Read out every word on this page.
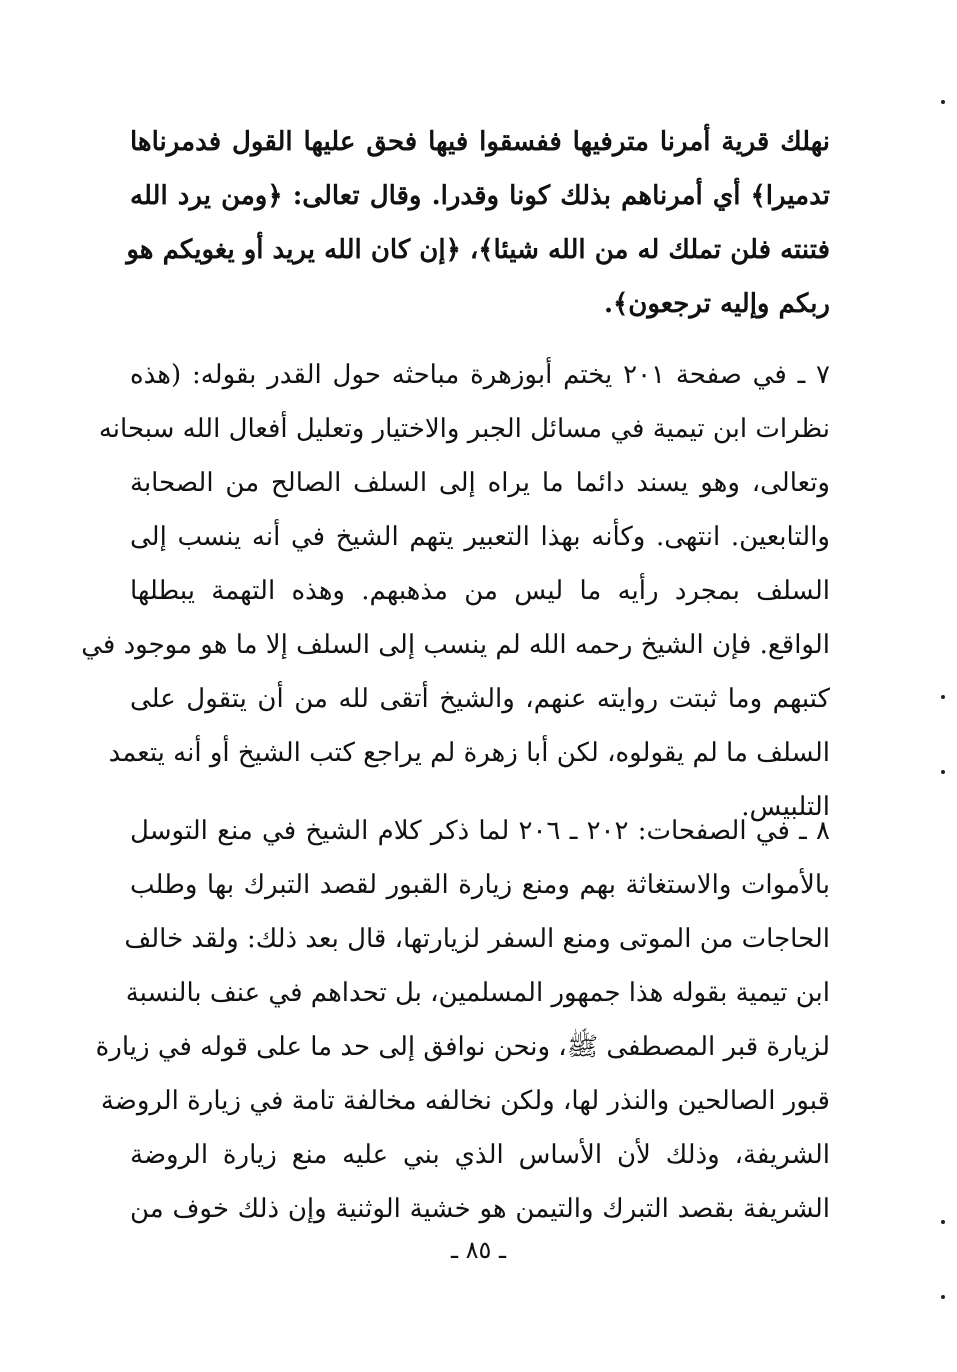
نهلك قرية أمرنا مترفيها ففسقوا فيها فحق عليها القول فدمرناها
تدميرا﴾ أي أمرناهم بذلك كونا وقدرا. وقال تعالى: ﴿ومن يرد الله
فتنته فلن تملك له من الله شيئا﴾، ﴿إن كان الله يريد أو يغويكم هو
ربكم وإليه ترجعون﴾.
٧ ـ في صفحة ٢٠١ يختم أبوزهرة مباحثه حول القدر بقوله: (هذه
نظرات ابن تيمية في مسائل الجبر والاختيار وتعليل أفعال الله سبحانه
وتعالى، وهو يسند دائما ما يراه إلى السلف الصالح من الصحابة
والتابعين. انتهى. وكأنه بهذا التعبير يتهم الشيخ في أنه ينسب إلى
السلف بمجرد رأيه ما ليس من مذهبهم. وهذه التهمة يبطلها
الواقع. فإن الشيخ رحمه الله لم ينسب إلى السلف إلا ما هو موجود في
كتبهم وما ثبتت روايته عنهم، والشيخ أتقى لله من أن يتقول على
السلف ما لم يقولوه، لكن أبا زهرة لم يراجع كتب الشيخ أو أنه يتعمد
التلبيس.
٨ ـ في الصفحات: ٢٠٢ ـ ٢٠٦ لما ذكر كلام الشيخ في منع التوسل
بالأموات والاستغاثة بهم ومنع زيارة القبور لقصد التبرك بها وطلب
الحاجات من الموتى ومنع السفر لزيارتها، قال بعد ذلك: ولقد خالف
ابن تيمية بقوله هذا جمهور المسلمين، بل تحداهم في عنف بالنسبة
لزيارة قبر المصطفى ﷺ، ونحن نوافق إلى حد ما على قوله في زيارة
قبور الصالحين والنذر لها، ولكن نخالفه مخالفة تامة في زيارة الروضة
الشريفة، وذلك لأن الأساس الذي بني عليه منع زيارة الروضة
الشريفة بقصد التبرك والتيمن هو خشية الوثنية وإن ذلك خوف من
ـ ٨٥ ـ
